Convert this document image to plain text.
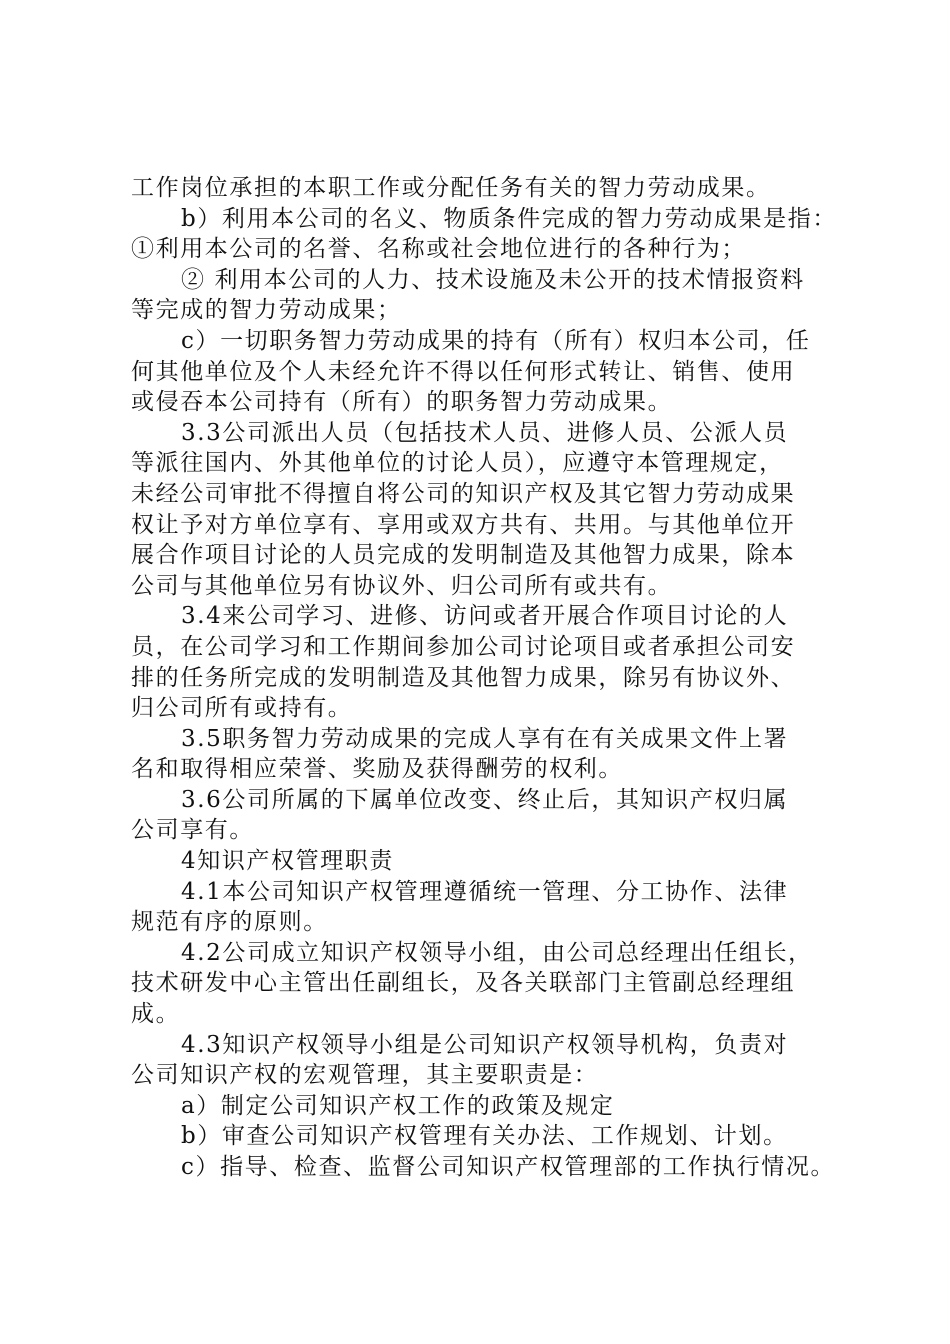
工作岗位承担的本职工作或分配任务有关的智力劳动成果。
b）利用本公司的名义、物质条件完成的智力劳动成果是指：
①利用本公司的名誉、名称或社会地位进行的各种行为；
② 利用本公司的人力、技术设施及未公开的技术情报资料
等完成的智力劳动成果；
c）一切职务智力劳动成果的持有（所有）权归本公司，任
何其他单位及个人未经允许不得以任何形式转让、销售、使用
或侵吞本公司持有（所有）的职务智力劳动成果。
3.3公司派出人员（包括技术人员、进修人员、公派人员
等派往国内、外其他单位的讨论人员），应遵守本管理规定，
未经公司审批不得擅自将公司的知识产权及其它智力劳动成果
权让予对方单位享有、享用或双方共有、共用。与其他单位开
展合作项目讨论的人员完成的发明制造及其他智力成果，除本
公司与其他单位另有协议外、归公司所有或共有。
3.4来公司学习、进修、访问或者开展合作项目讨论的人
员，在公司学习和工作期间参加公司讨论项目或者承担公司安
排的任务所完成的发明制造及其他智力成果，除另有协议外、
归公司所有或持有。
3.5职务智力劳动成果的完成人享有在有关成果文件上署
名和取得相应荣誉、奖励及获得酬劳的权利。
3.6公司所属的下属单位改变、终止后，其知识产权归属
公司享有。
4知识产权管理职责
4.1本公司知识产权管理遵循统一管理、分工协作、法律
规范有序的原则。
4.2公司成立知识产权领导小组，由公司总经理出任组长，
技术研发中心主管出任副组长，及各关联部门主管副总经理组
成。
4.3知识产权领导小组是公司知识产权领导机构，负责对
公司知识产权的宏观管理，其主要职责是：
a）制定公司知识产权工作的政策及规定
b）审查公司知识产权管理有关办法、工作规划、计划。
c）指导、检查、监督公司知识产权管理部的工作执行情况。
